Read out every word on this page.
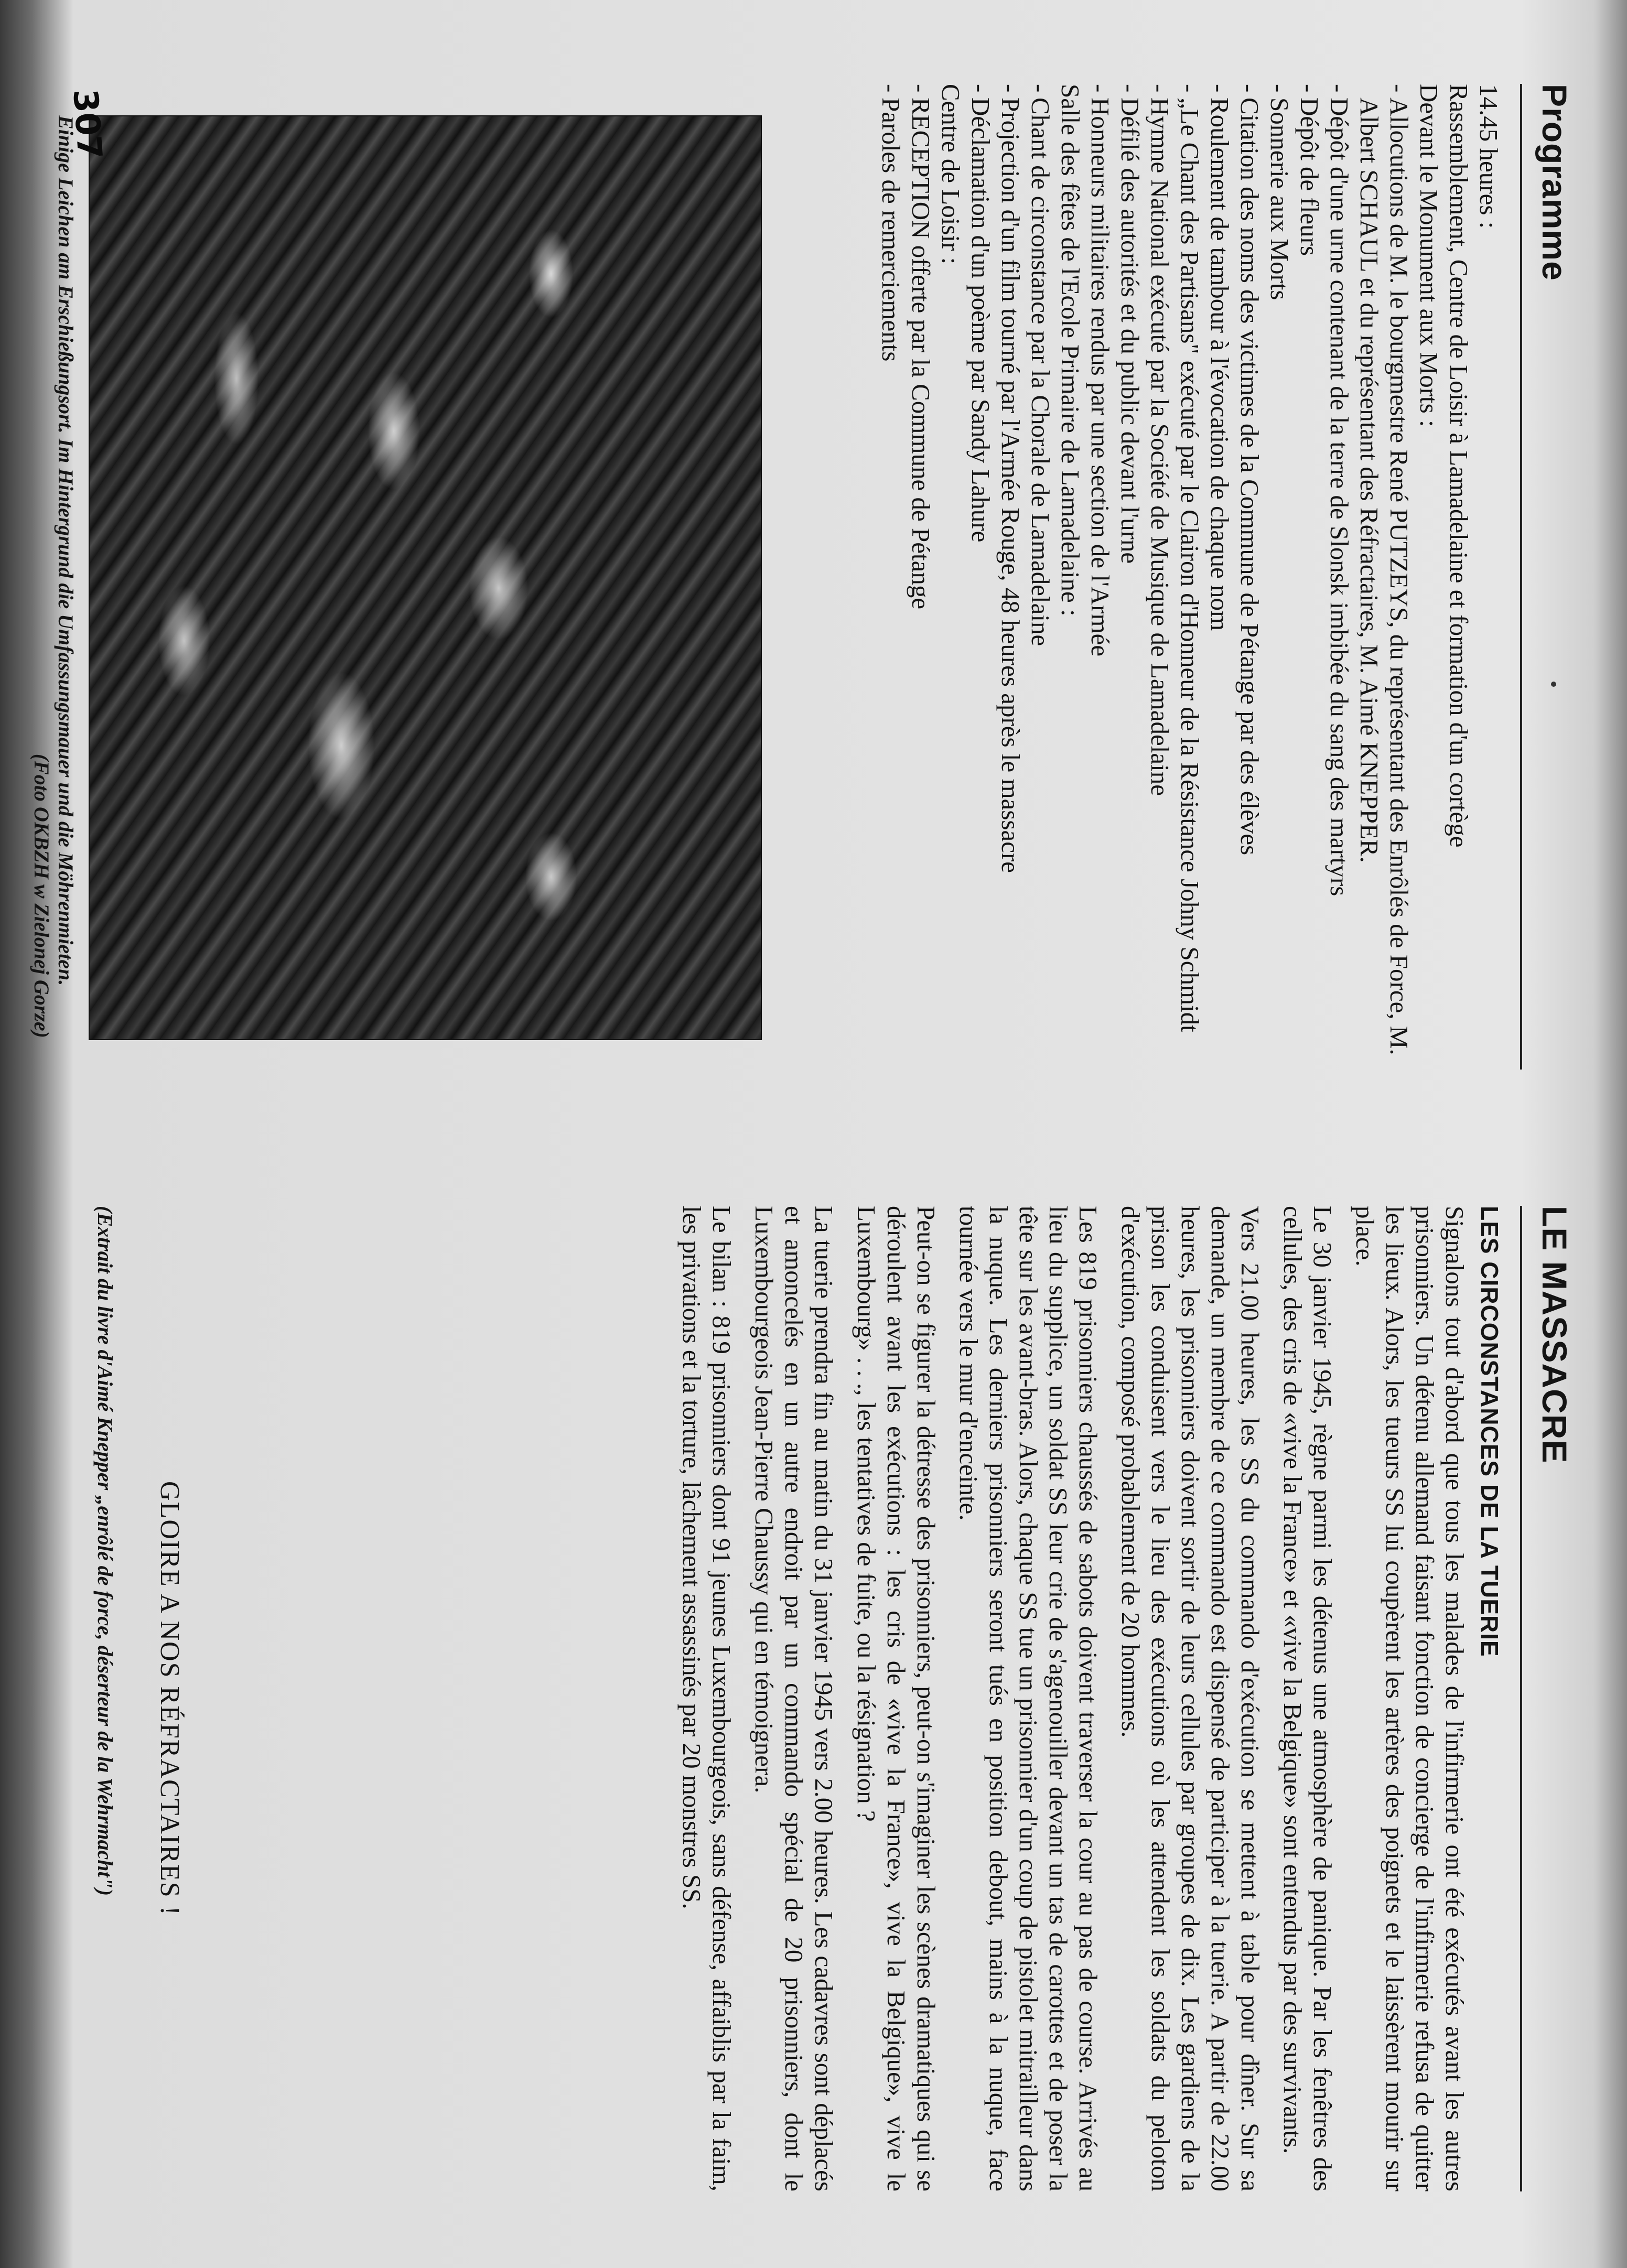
Programme

14.45 heures :

Rassemblement, Centre de Loisir à Lamadelaine et formation d'un cortège

Devant le Monument aux Morts :

-Allocutions de M. le bourgmestre René PUTZEYS, du représentant des Enrôlés de Force, M. Albert SCHAUL et du représentant des Réfractaires, M. Aimé KNEPPER.

-Dépôt d'une urne contenant de la terre de Slonsk imbibée du sang des martyrs

-Dépôt de fleurs

-Sonnerie aux Morts

-Citation des noms des victimes de la Commune de Pétange par des élèves

-Roulement de tambour à l'évocation de chaque nom

-„Le Chant des Partisans" exécuté par le Clairon d'Honneur de la Résistance Johny Schmidt

-Hymne National exécuté par la Société de Musique de Lamadelaine

-Défilé des autorités et du public devant l'urne

-Honneurs militaires rendus par une section de l'Armée

Salle des fêtes de l'Ecole Primaire de Lamadelaine :

-Chant de circonstance par la Chorale de Lamadelaine

-Projection d'un film tourné par l'Armée Rouge, 48 heures après le massacre

-Déclamation d'un poème par Sandy Lahure

Centre de Loisir :

-RECEPTION offerte par la Commune de Pétange

-Paroles de remerciements

Einige Leichen am Erschießungsort. Im Hintergrund die Umfassungsmauer und die Möhrenmieten.
(Foto OKBZH w Zielonej Gorze)
307
LE MASSACRE
LES CIRCONSTANCES DE LA TUERIE

Signalons tout d'abord que tous les malades de l'infirmerie ont été exécutés avant les autres prisonniers. Un détenu allemand faisant fonction de concierge de l'infirmerie refusa de quitter les lieux. Alors, les tueurs SS lui coupèrent les artères des poignets et le laissèrent mourir sur place.

Le 30 janvier 1945, règne parmi les détenus une atmosphère de panique. Par les fenêtres des cellules, des cris de «vive la France» et «vive la Belgique» sont entendus par des survivants.

Vers 21.00 heures, les SS du commando d'exécution se mettent à table pour dîner. Sur sa demande, un membre de ce commando est dispensé de participer à la tuerie. A partir de 22.00 heures, les prisonniers doivent sortir de leurs cellules par groupes de dix. Les gardiens de la prison les conduisent vers le lieu des exécutions où les attendent les soldats du peloton d'exécution, composé probablement de 20 hommes.

Les 819 prisonniers chaussés de sabots doivent traverser la cour au pas de course. Arrivés au lieu du supplice, un soldat SS leur crie de s'agenouiller devant un tas de carottes et de poser la tête sur les avant-bras. Alors, chaque SS tue un prisonnier d'un coup de pistolet mitrailleur dans la nuque. Les derniers prisonniers seront tués en position debout, mains à la nuque, face tournée vers le mur d'enceinte.

Peut-on se figurer la détresse des prisonniers, peut-on s'imaginer les scènes dramatiques qui se déroulent avant les exécutions : les cris de «vive la France», vive la Belgique», vive le Luxembourg» . . ., les tentatives de fuite, ou la résignation ?

La tuerie prendra fin au matin du 31 janvier 1945 vers 2.00 heures. Les cadavres sont déplacés et amoncelés en un autre endroit par un commando spécial de 20 prisonniers, dont le Luxembourgeois Jean-Pierre Chaussy qui en témoignera.

Le bilan : 819 prisonniers dont 91 jeunes Luxembourgeois, sans défense, affaiblis par la faim, les privations et la torture, lâchement assassinés par 20 monstres SS.

GLOIRE A NOS RÉFRACTAIRES !
(Extrait du livre d'Aimé Knepper „enrôlé de force, déserteur de la Wehrmacht")
